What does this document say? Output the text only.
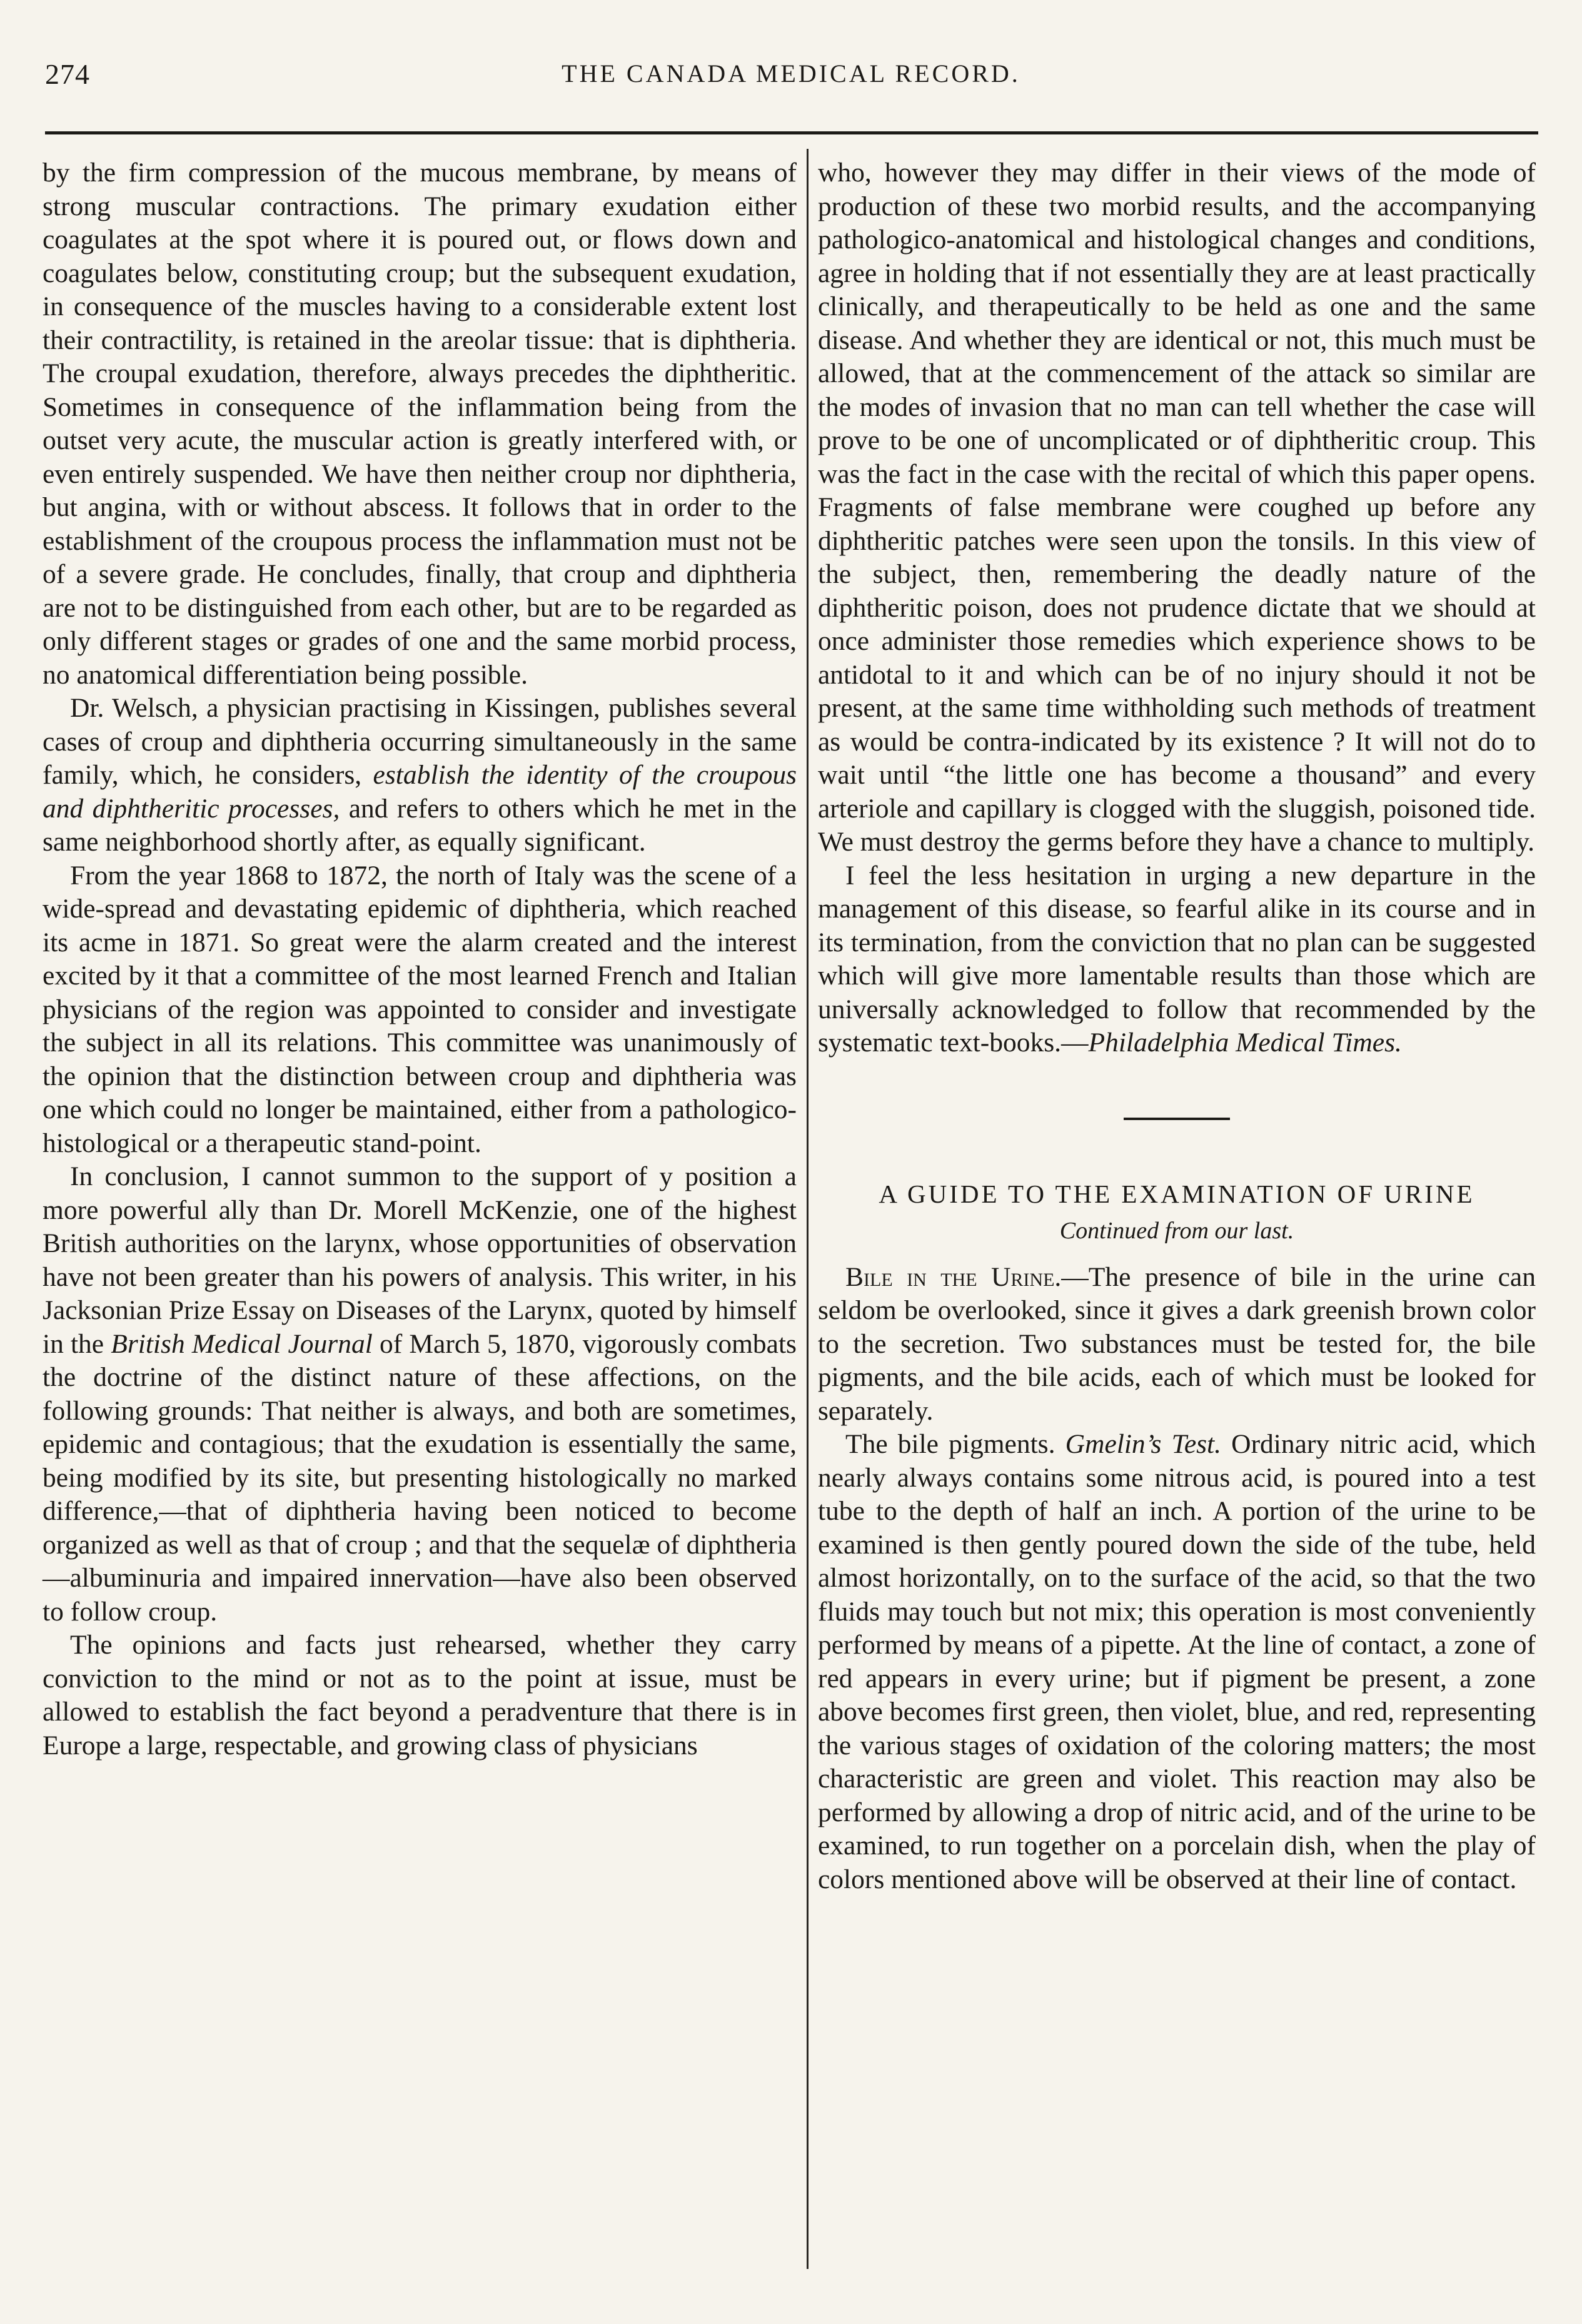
274	THE CANADA MEDICAL RECORD.

by the firm compression of the mucous membrane, by means of strong muscular contractions. The primary exudation either coagulates at the spot where it is poured out, or flows down and coagulates below, constituting croup; but the subsequent exudation, in consequence of the muscles having to a considerable extent lost their contractility, is retained in the areolar tissue: that is diphtheria. The croupal exudation, therefore, always precedes the diphtheritic. Sometimes in consequence of the inflammation being from the outset very acute, the muscular action is greatly interfered with, or even entirely suspended. We have then neither croup nor diphtheria, but angina, with or without abscess. It follows that in order to the establishment of the croupous process the inflammation must not be of a severe grade. He concludes, finally, that croup and diphtheria are not to be distinguished from each other, but are to be regarded as only different stages or grades of one and the same morbid process, no anatomical differentiation being possible.

Dr. Welsch, a physician practising in Kissingen, publishes several cases of croup and diphtheria occurring simultaneously in the same family, which, he considers, establish the identity of the croupous and diphtheritic processes, and refers to others which he met in the same neighborhood shortly after, as equally significant.

From the year 1868 to 1872, the north of Italy was the scene of a wide-spread and devastating epidemic of diphtheria, which reached its acme in 1871. So great were the alarm created and the interest excited by it that a committee of the most learned French and Italian physicians of the region was appointed to consider and investigate the subject in all its relations. This committee was unanimously of the opinion that the distinction between croup and diphtheria was one which could no longer be maintained, either from a pathologico-histological or a therapeutic stand-point.

In conclusion, I cannot summon to the support of y position a more powerful ally than Dr. Morell McKenzie, one of the highest British authorities on the larynx, whose opportunities of observation have not been greater than his powers of analysis. This writer, in his Jacksonian Prize Essay on Diseases of the Larynx, quoted by himself in the British Medical Journal of March 5, 1870, vigorously combats the doctrine of the distinct nature of these affections, on the following grounds: That neither is always, and both are sometimes, epidemic and contagious; that the exudation is essentially the same, being modified by its site, but presenting histologically no marked difference,—that of diphtheria having been noticed to become organized as well as that of croup ; and that the sequelæ of diphtheria—albuminuria and impaired innervation—have also been observed to follow croup.

The opinions and facts just rehearsed, whether they carry conviction to the mind or not as to the point at issue, must be allowed to establish the fact beyond a peradventure that there is in Europe a large, respectable, and growing class of physicians

who, however they may differ in their views of the mode of production of these two morbid results, and the accompanying pathologico-anatomical and histological changes and conditions, agree in holding that if not essentially they are at least practically clinically, and therapeutically to be held as one and the same disease. And whether they are identical or not, this much must be allowed, that at the commencement of the attack so similar are the modes of invasion that no man can tell whether the case will prove to be one of uncomplicated or of diphtheritic croup. This was the fact in the case with the recital of which this paper opens. Fragments of false membrane were coughed up before any diphtheritic patches were seen upon the tonsils. In this view of the subject, then, remembering the deadly nature of the diphtheritic poison, does not prudence dictate that we should at once administer those remedies which experience shows to be antidotal to it and which can be of no injury should it not be present, at the same time withholding such methods of treatment as would be contra-indicated by its existence ? It will not do to wait until “the little one has become a thousand” and every arteriole and capillary is clogged with the sluggish, poisoned tide. We must destroy the germs before they have a chance to multiply.

I feel the less hesitation in urging a new departure in the management of this disease, so fearful alike in its course and in its termination, from the conviction that no plan can be suggested which will give more lamentable results than those which are universally acknowledged to follow that recommended by the systematic text-books.—Philadelphia Medical Times.

A GUIDE TO THE EXAMINATION OF URINE
Continued from our last.

Bile in the Urine.—The presence of bile in the urine can seldom be overlooked, since it gives a dark greenish brown color to the secretion. Two substances must be tested for, the bile pigments, and the bile acids, each of which must be looked for separately.

The bile pigments. Gmelin’s Test. Ordinary nitric acid, which nearly always contains some nitrous acid, is poured into a test tube to the depth of half an inch. A portion of the urine to be examined is then gently poured down the side of the tube, held almost horizontally, on to the surface of the acid, so that the two fluids may touch but not mix; this operation is most conveniently performed by means of a pipette. At the line of contact, a zone of red appears in every urine; but if pigment be present, a zone above becomes first green, then violet, blue, and red, representing the various stages of oxidation of the coloring matters; the most characteristic are green and violet. This reaction may also be performed by allowing a drop of nitric acid, and of the urine to be examined, to run together on a porcelain dish, when the play of colors mentioned above will be observed at their line of contact.
